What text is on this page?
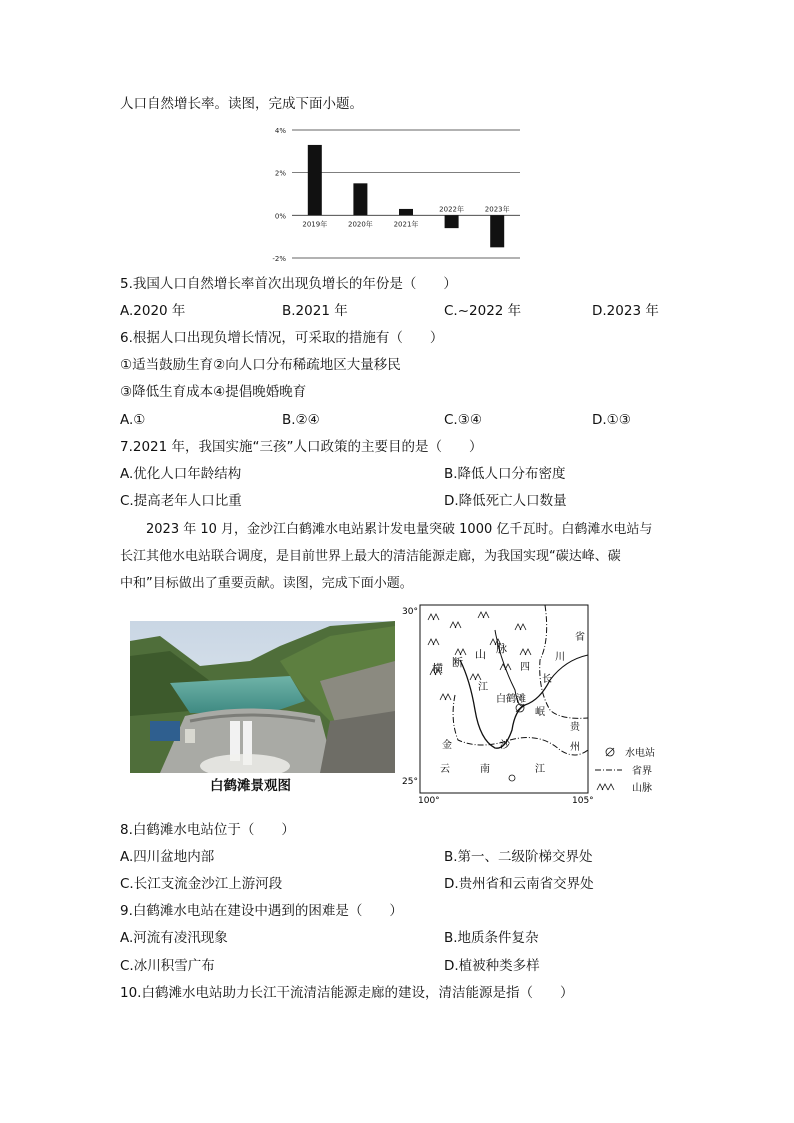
人口自然增长率。读图，完成下面小题。
4%
2%
0%
-2%
2019年	2020年	2021年
2022年	2023年
5.我国人口自然增长率首次出现负增长的年份是（　　）
A.2020 年	B.2021 年	C.~2022 年	D.2023 年
6.根据人口出现负增长情况，可采取的措施有（　　）
①适当鼓励生育②向人口分布稀疏地区大量移民
③降低生育成本④提倡晚婚晚育
A.①	B.②④	C.③④	D.①③
7.2021 年，我国实施“三孩”人口政策的主要目的是（　　）
A.优化人口年龄结构	B.降低人口分布密度
C.提高老年人口比重	D.降低死亡人口数量
2023 年 10 月，金沙江白鹤滩水电站累计发电量突破 1000 亿千瓦时。白鹤滩水电站与
长江其他水电站联合调度，是目前世界上最大的清洁能源走廊，为我国实现“碳达峰、碳
中和”目标做出了重要贡献。读图，完成下面小题。
白鹤滩景观图
30°
25°
100°	105°
横 断
山 脉
四
川
省
江
金	沙
云	南
贵
州
白鹤滩
岷
长
江
水电站
省界
山脉
8.白鹤滩水电站位于（　　）
A.四川盆地内部	B.第一、二级阶梯交界处
C.长江支流金沙江上游河段	D.贵州省和云南省交界处
9.白鹤滩水电站在建设中遇到的困难是（　　）
A.河流有凌汛现象	B.地质条件复杂
C.冰川积雪广布	D.植被种类多样
10.白鹤滩水电站助力长江干流清洁能源走廊的建设，清洁能源是指（　　）
